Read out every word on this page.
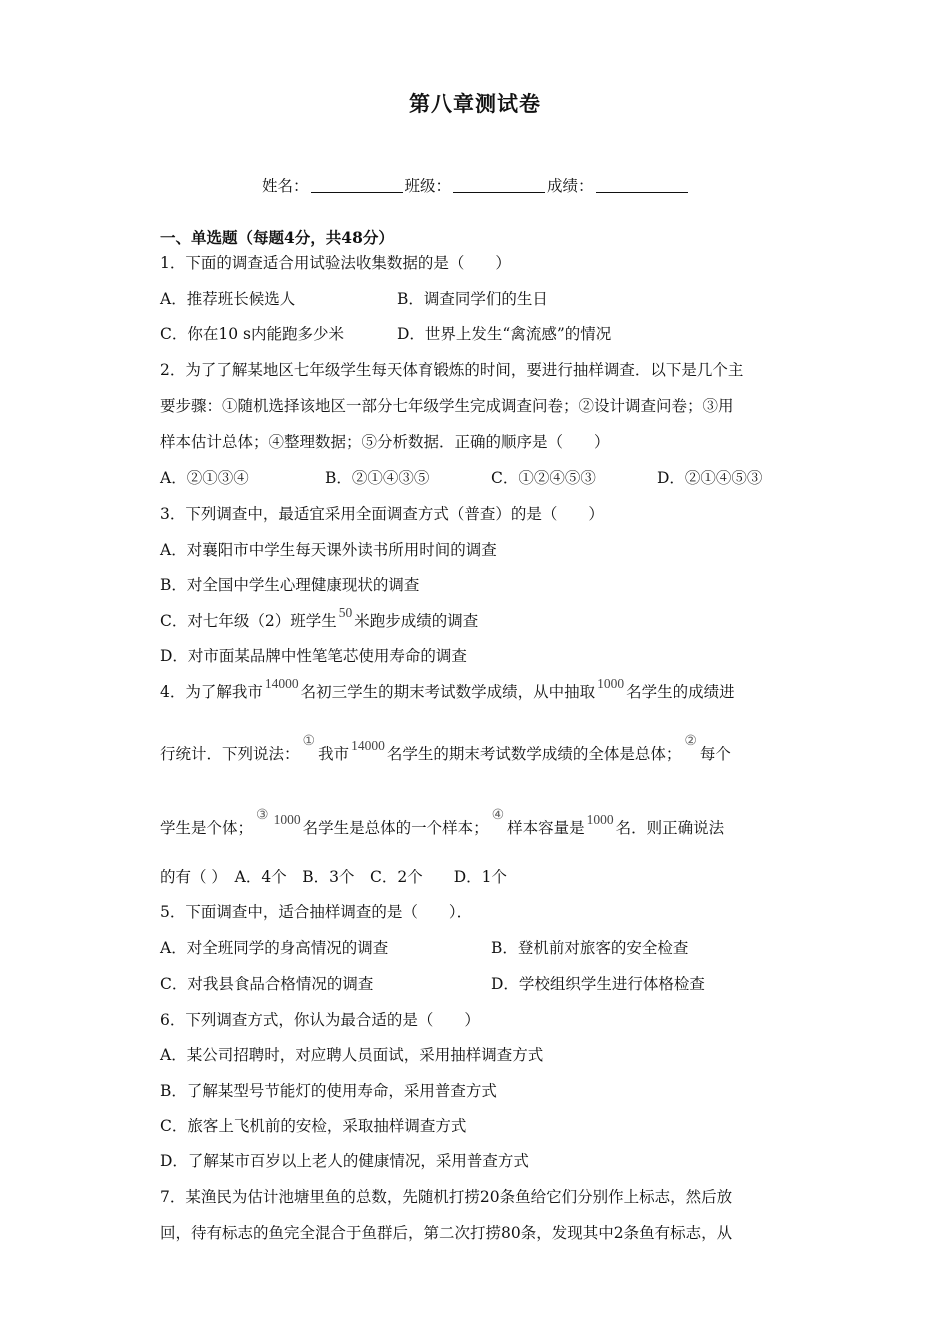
第八章测试卷
姓名：	班级：	成绩：
一、单选题（每题4分，共48分）
1．下面的调查适合用试验法收集数据的是（　　）
A．推荐班长候选人	B．调查同学们的生日
C．你在10 s内能跑多少米	D．世界上发生“禽流感”的情况
2．为了了解某地区七年级学生每天体育锻炼的时间，要进行抽样调查．以下是几个主
要步骤：①随机选择该地区一部分七年级学生完成调查问卷；②设计调查问卷；③用
样本估计总体；④整理数据；⑤分析数据．正确的顺序是（　　）
A．②①③④	B．②①④③⑤	C．①②④⑤③	D．②①④⑤③
3．下列调查中，最适宜采用全面调查方式（普查）的是（　　）
A．对襄阳市中学生每天课外读书所用时间的调查
B．对全国中学生心理健康现状的调查
C．对七年级（2）班学生 50 米跑步成绩的调查
D．对市面某品牌中性笔笔芯使用寿命的调查
4．为了解我市 14000 名初三学生的期末考试数学成绩，从中抽取 1000 名学生的成绩进
行统计．下列说法：①我市 14000 名学生的期末考试数学成绩的全体是总体；②每个
学生是个体；③ 1000 名学生是总体的一个样本；④样本容量是 1000 名．则正确说法
的有（ ）　A．4个　B．3个　C．2个　　D．1个
5．下面调查中，适合抽样调查的是（　　）．
A．对全班同学的身高情况的调查	B．登机前对旅客的安全检查
C．对我县食品合格情况的调查	D．学校组织学生进行体格检查
6．下列调查方式，你认为最合适的是（　　）
A．某公司招聘时，对应聘人员面试，采用抽样调查方式
B．了解某型号节能灯的使用寿命，采用普查方式
C．旅客上飞机前的安检，采取抽样调查方式
D．了解某市百岁以上老人的健康情况，采用普查方式
7．某渔民为估计池塘里鱼的总数，先随机打捞20条鱼给它们分别作上标志，然后放
回，待有标志的鱼完全混合于鱼群后，第二次打捞80条，发现其中2条鱼有标志，从
